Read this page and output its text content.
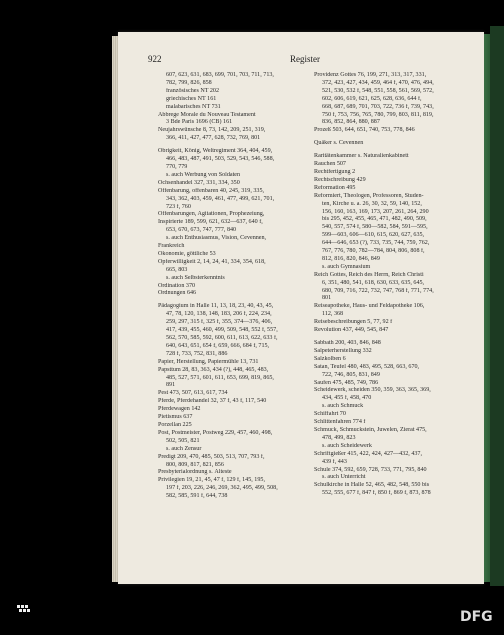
922	Register
607, 623, 631, 683, 699, 701, 703, 711, 713,
782, 799, 826, 858
französisches NT 202
griechisches NT 161
malabarisches NT 731
Abbrege Morale du Nouveau Testament
3 Bde Paris 1696 (CB) 161
Neujahrswünsche 8, 73, 142, 209, 251, 319,
366, 411, 427, 477, 628, 732, 769, 801
Obrigkeit, König, Weltregiment 364, 404, 459,
466, 483, 487, 491, 503, 529, 543, 546, 588,
770, 779
s. auch Werbung von Soldaten
Ochsenhandel 327, 331, 334, 350
Offenbarung, offenbaren 40, 245, 319, 335,
343, 362, 403, 459, 461, 477, 499, 621, 701,
723 f, 760
Offenbarungen, Agitationen, Prophezeiung,
Inspirierte 189, 599, 621, 632—637, 640 f,
653, 670, 673, 747, 777, 840
s. auch Enthusiasmus, Vision, Cevennen,
Frankreich
Ökonomie, göttliche 53
Opferwilligkeit 2, 14, 24, 41, 334, 354, 618,
665, 803
s. auch Selbsterkenntnis
Ordination 370
Ordnungen 646
Pädagogium in Halle 11, 13, 18, 23, 40, 43, 45,
47, 78, 120, 138, 148, 183, 206 f, 224, 234,
259, 297, 315 f, 325 f, 355, 374—376, 406,
417, 439, 455, 460, 499, 509, 548, 552 f, 557,
562, 570, 585, 592, 600, 611, 613, 622, 633 f,
640, 643, 651, 654 f, 659, 666, 684 f, 715,
728 f, 733, 752, 831, 886
Papier, Herstellung, Papiermühle 13, 731
Papsttum 28, 83, 363, 434 (?), 448, 465, 483,
485, 527, 571, 601, 611, 653, 699, 819, 865,
891
Pest 473, 507, 613, 617, 734
Pferde, Pferdehandel 32, 37 f, 43 f, 117, 540
Pferdewagen 142
Pietismus 637
Porzellan 225
Post, Postmeister, Postweg 229, 457, 460, 498,
502, 505, 821
s. auch Zensur
Predigt 209, 470, 485, 503, 513, 707, 793 f,
800, 809, 817, 821, 856
Presbyterialordnung s. Älteste
Privilegien 19, 21, 45, 47 f, 129 f, 145, 195,
197 f, 203, 226, 246, 269, 362, 495, 499, 508,
582, 585, 591 f, 644, 738
Providenz Gottes 76, 199, 271, 313, 317, 331,
372, 423, 427, 434, 459, 464 f, 470, 476, 494,
521, 530, 532 f, 548, 551, 558, 561, 569, 572,
602, 606, 619, 621, 625, 628, 636, 644 f,
668, 687, 689, 701, 703, 722, 736 f, 739, 743,
750 f, 753, 756, 765, 780, 799, 803, 811, 819,
836, 852, 864, 880, 887
Prozeß 503, 644, 651, 740, 753, 778, 846
Quäker s. Cevennen
Raritätenkammer s. Naturalienkabinett
Rauchen 507
Rechtfertigung 2
Rechtschreibung 429
Reformation 495
Reformiert, Theologen, Professoren, Studen-
ten, Kirche u. a. 26, 30, 32, 59, 140, 152,
156, 160, 163, 169, 173, 207, 261, 264, 290
bis 295, 452, 455, 465, 471, 482, 490, 509,
540, 557, 574 f, 580—582, 584, 591—595,
599—603, 606—610, 615, 620, 627, 635,
644—646, 653 (?), 733, 735, 744, 759, 762,
767, 776, 780, 782—784, 804, 806, 808 f,
812, 816, 820, 846, 849
s. auch Gymnasium
Reich Gottes, Reich des Herrn, Reich Christi
6, 351, 480, 541, 618, 630, 633, 635, 645,
680, 709, 716, 722, 732, 747, 768 f, 771, 774,
801
Reiseapotheke, Haus- und Feldapotheke 106,
112, 368
Reisebeschreibungen 5, 77, 92 f
Revolution 437, 449, 545, 847
Sabbath 200, 403, 846, 848
Salpeterherstellung 332
Salzkolben 6
Satan, Teufel 480, 483, 495, 528, 663, 670,
722, 746, 805, 831, 849
Saufen 475, 485, 749, 786
Scheidewerk, scheiden 350, 359, 363, 365, 369,
434, 455 f, 458, 470
s. auch Schmuck
Schiffahrt 70
Schlittenfahren 774 f
Schmuck, Schmuckstein, Juwelen, Zierat 475,
478, 499, 823
s. auch Scheidewerk
Schriftgießer 415, 422, 424, 427—432, 437,
439 f, 443
Schule 374, 592, 659, 728, 733, 771, 795, 840
s. auch Unterricht
Schulkirche in Halle 52, 465, 482, 548, 550 bis
552, 555, 677 f, 847 f, 850 f, 869 f, 873, 878
DFG
